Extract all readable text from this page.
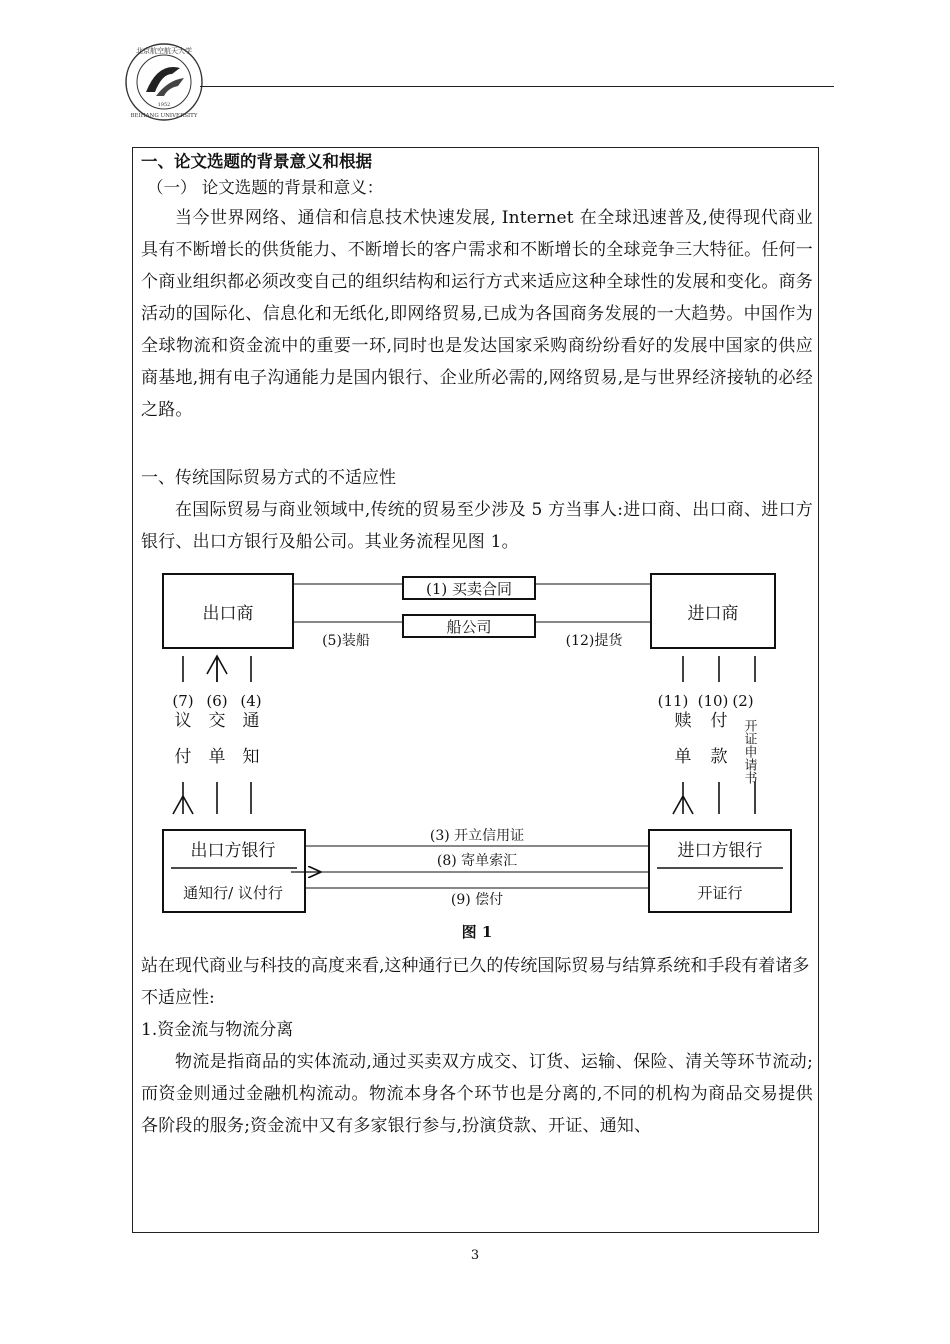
北京航空航天大学
BEIHANG UNIVERSITY
1952

一、论文选题的背景意义和根据

（一） 论文选题的背景和意义：

当今世界网络、通信和信息技术快速发展, Internet 在全球迅速普及,使得现代商业具有不断增长的供货能力、不断增长的客户需求和不断增长的全球竞争三大特征。任何一个商业组织都必须改变自己的组织结构和运行方式来适应这种全球性的发展和变化。商务活动的国际化、信息化和无纸化,即网络贸易,已成为各国商务发展的一大趋势。中国作为全球物流和资金流中的重要一环,同时也是发达国家采购商纷纷看好的发展中国家的供应商基地,拥有电子沟通能力是国内银行、企业所必需的,网络贸易,是与世界经济接轨的必经之路。

一、传统国际贸易方式的不适应性

在国际贸易与商业领域中,传统的贸易至少涉及 5 方当事人:进口商、出口商、进口方银行、出口方银行及船公司。其业务流程见图 1。

出口商	进口商
(1) 买卖合同
船公司
(5)装船	(12)提货
(7) (6) (4)
议 交 通
付 单 知
(11) (10) (2)
赎 付
单 款 开证申请书
出口方银行
通知行/ 议付行
进口方银行
开证行
(3) 开立信用证
(8) 寄单索汇
(9) 偿付

图 1

站在现代商业与科技的高度来看,这种通行已久的传统国际贸易与结算系统和手段有着诸多不适应性:

1.资金流与物流分离

物流是指商品的实体流动,通过买卖双方成交、订货、运输、保险、清关等环节流动;而资金则通过金融机构流动。物流本身各个环节也是分离的,不同的机构为商品交易提供各阶段的服务;资金流中又有多家银行参与,扮演贷款、开证、通知、

3
